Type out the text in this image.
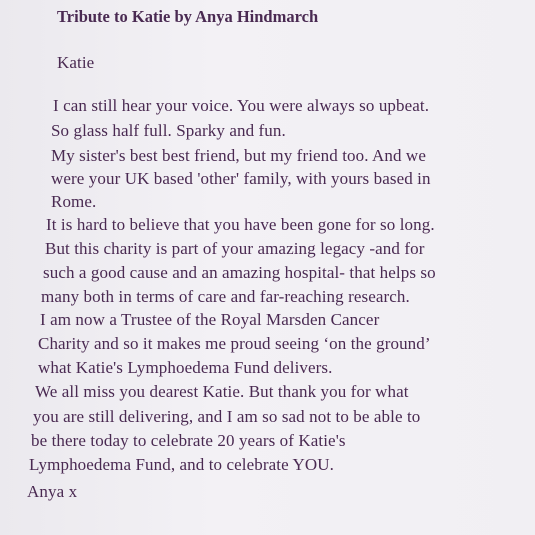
Tribute to Katie by Anya Hindmarch
Katie
I can still hear your voice. You were always so upbeat.
So glass half full. Sparky and fun.
My sister's best best friend, but my friend too. And we
were your UK based 'other' family, with yours based in
Rome.
It is hard to believe that you have been gone for so long.
But this charity is part of your amazing legacy -and for
such a good cause and an amazing hospital- that helps so
many both in terms of care and far-reaching research.
I am now a Trustee of the Royal Marsden Cancer
Charity and so it makes me proud seeing ‘on the ground’
what Katie's Lymphoedema Fund delivers.
We all miss you dearest Katie. But thank you for what
you are still delivering, and I am so sad not to be able to
be there today to celebrate 20 years of Katie's
Lymphoedema Fund, and to celebrate YOU.
Anya x
